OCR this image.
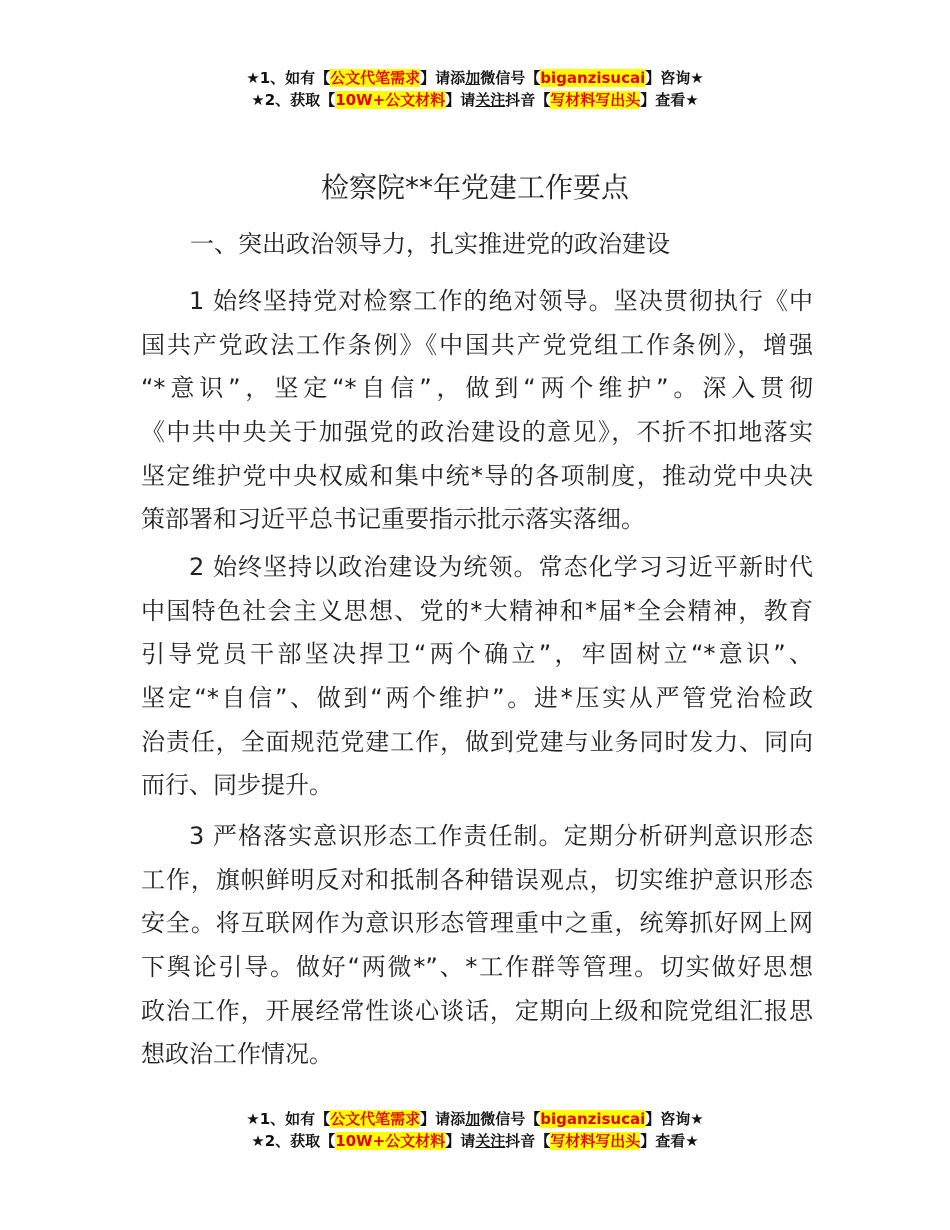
★1、如有【公文代笔需求】请添加微信号【biganzisucai】咨询★
★2、获取【10W+公文材料】请关注抖音【写材料写出头】查看★
检察院**年党建工作要点
一、突出政治领导力，扎实推进党的政治建设
1 始终坚持党对检察工作的绝对领导。坚决贯彻执行《中
国共产党政法工作条例》《中国共产党党组工作条例》，增强
“*意识”，坚定“*自信”，做到“两个维护”。深入贯彻
《中共中央关于加强党的政治建设的意见》，不折不扣地落实
坚定维护党中央权威和集中统*导的各项制度，推动党中央决
策部署和习近平总书记重要指示批示落实落细。
2 始终坚持以政治建设为统领。常态化学习习近平新时代
中国特色社会主义思想、党的*大精神和*届*全会精神，教育
引导党员干部坚决捍卫“两个确立”，牢固树立“*意识”、
坚定“*自信”、做到“两个维护”。进*压实从严管党治检政
治责任，全面规范党建工作，做到党建与业务同时发力、同向
而行、同步提升。
3 严格落实意识形态工作责任制。定期分析研判意识形态
工作，旗帜鲜明反对和抵制各种错误观点，切实维护意识形态
安全。将互联网作为意识形态管理重中之重，统筹抓好网上网
下舆论引导。做好“两微*”、*工作群等管理。切实做好思想
政治工作，开展经常性谈心谈话，定期向上级和院党组汇报思
想政治工作情况。
★1、如有【公文代笔需求】请添加微信号【biganzisucai】咨询★
★2、获取【10W+公文材料】请关注抖音【写材料写出头】查看★
